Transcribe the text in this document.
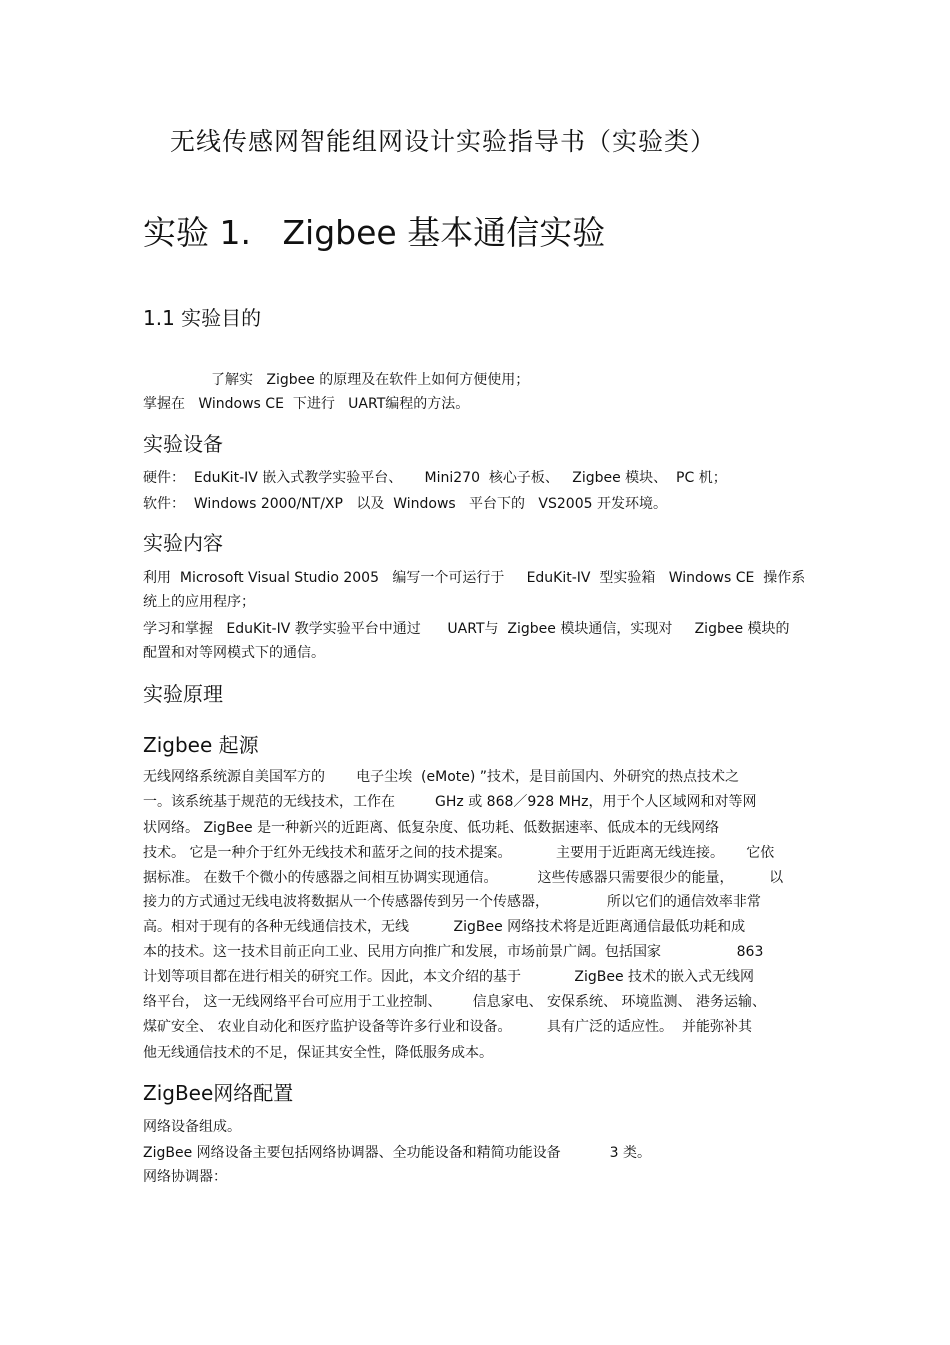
无线传感网智能组网设计实验指导书（实验类）
实验 1.   Zigbee 基本通信实验
1.1 实验目的
了解实   Zigbee 的原理及在软件上如何方便使用；
掌握在   Windows CE  下进行   UART编程的方法。
实验设备
硬件：  EduKit-IV 嵌入式教学实验平台、     Mini270  核心子板、   Zigbee 模块、  PC 机；
软件：  Windows 2000/NT/XP   以及  Windows   平台下的   VS2005 开发环境。
实验内容
利用  Microsoft Visual Studio 2005   编写一个可运行于     EduKit-IV  型实验箱   Windows CE  操作系
统上的应用程序；
学习和掌握   EduKit-IV 教学实验平台中通过      UART与  Zigbee 模块通信，实现对     Zigbee 模块的
配置和对等网模式下的通信。
实验原理
Zigbee 起源
无线网络系统源自美国军方的       电子尘埃  (eMote) ”技术，是目前国内、外研究的热点技术之
一。该系统基于规范的无线技术，工作在         GHz 或 868／928 MHz，用于个人区域网和对等网
状网络。 ZigBee 是一种新兴的近距离、低复杂度、低功耗、低数据速率、低成本的无线网络
技术。 它是一种介于红外无线技术和蓝牙之间的技术提案。          主要用于近距离无线连接。     它依
据标准。 在数千个微小的传感器之间相互协调实现通信。         这些传感器只需要很少的能量，        以
接力的方式通过无线电波将数据从一个传感器传到另一个传感器，             所以它们的通信效率非常
高。相对于现有的各种无线通信技术，无线          ZigBee 网络技术将是近距离通信最低功耗和成
本的技术。这一技术目前正向工业、民用方向推广和发展，市场前景广阔。包括国家                 863
计划等项目都在进行相关的研究工作。因此，本文介绍的基于            ZigBee 技术的嵌入式无线网
络平台， 这一无线网络平台可应用于工业控制、       信息家电、 安保系统、 环境监测、 港务运输、
煤矿安全、 农业自动化和医疗监护设备等许多行业和设备。        具有广泛的适应性。  并能弥补其
他无线通信技术的不足，保证其安全性，降低服务成本。
ZigBee网络配置
网络设备组成。
ZigBee 网络设备主要包括网络协调器、全功能设备和精简功能设备           3 类。
网络协调器：
